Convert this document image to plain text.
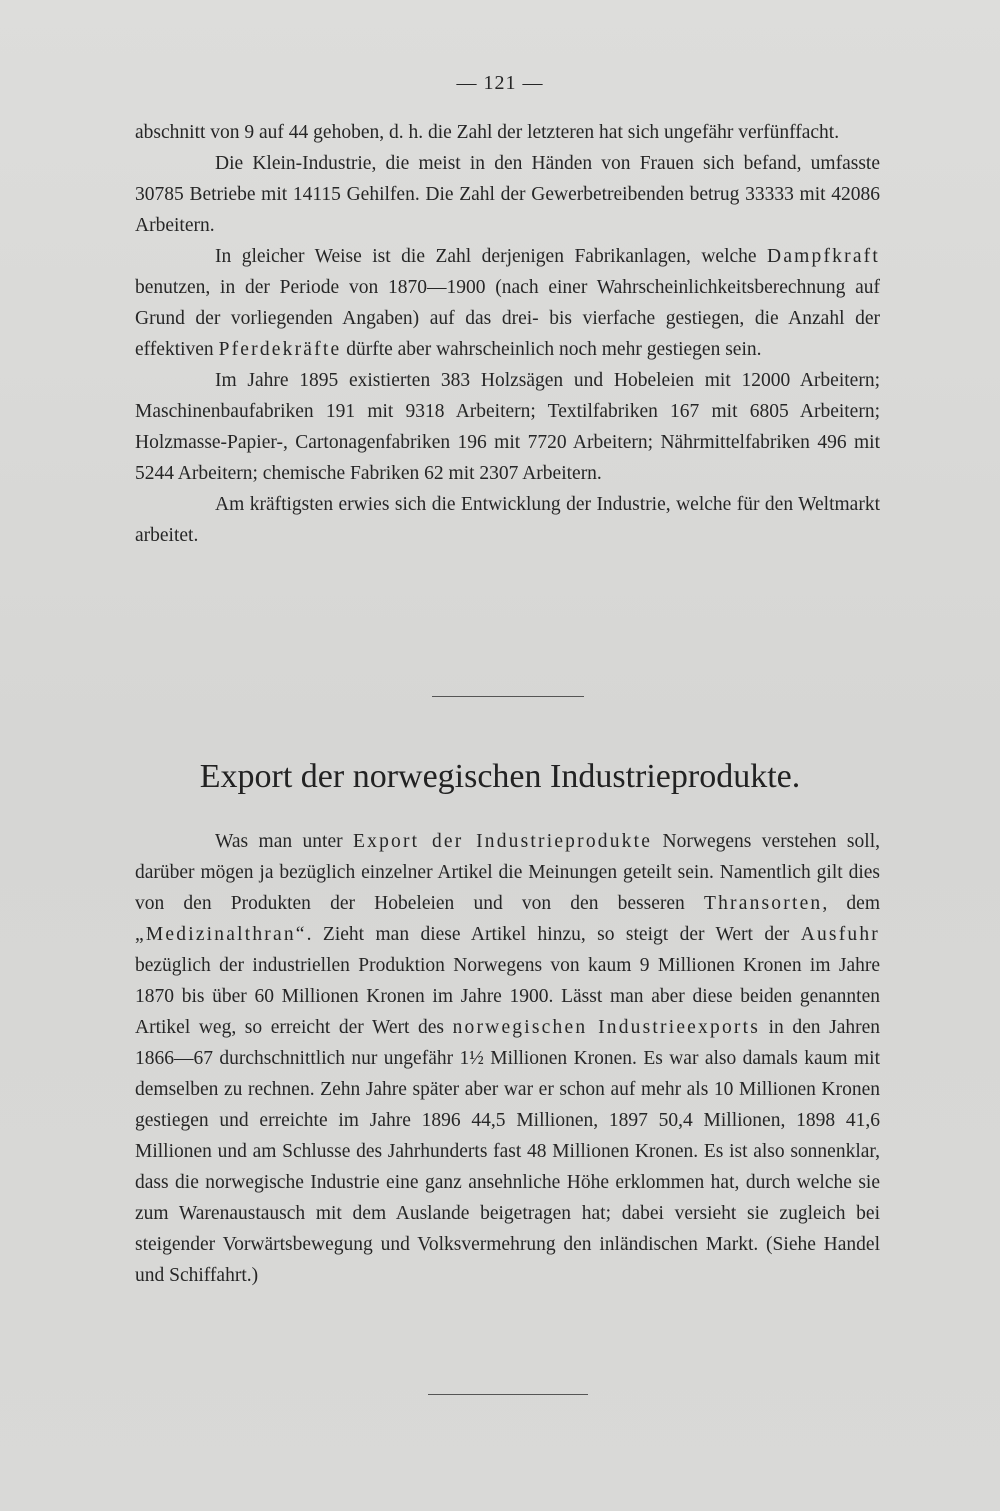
— 121 —

abschnitt von 9 auf 44 gehoben, d. h. die Zahl der letzteren hat sich ungefähr verfünffacht.

Die Klein-Industrie, die meist in den Händen von Frauen sich befand, umfasste 30785 Betriebe mit 14115 Gehilfen. Die Zahl der Gewerbetreibenden betrug 33333 mit 42086 Arbeitern.

In gleicher Weise ist die Zahl derjenigen Fabrikanlagen, welche Dampfkraft benutzen, in der Periode von 1870—1900 (nach einer Wahrscheinlichkeitsberechnung auf Grund der vorliegenden Angaben) auf das drei- bis vierfache gestiegen, die Anzahl der effektiven Pferdekräfte dürfte aber wahrscheinlich noch mehr gestiegen sein.

Im Jahre 1895 existierten 383 Holzsägen und Hobeleien mit 12000 Arbeitern; Maschinenbaufabriken 191 mit 9318 Arbeitern; Textilfabriken 167 mit 6805 Arbeitern; Holzmasse-Papier-, Cartonagenfabriken 196 mit 7720 Arbeitern; Nährmittelfabriken 496 mit 5244 Arbeitern; chemische Fabriken 62 mit 2307 Arbeitern.

Am kräftigsten erwies sich die Entwicklung der Industrie, welche für den Weltmarkt arbeitet.

Export der norwegischen Industrieprodukte.

Was man unter Export der Industrieprodukte Norwegens verstehen soll, darüber mögen ja bezüglich einzelner Artikel die Meinungen geteilt sein. Namentlich gilt dies von den Produkten der Hobeleien und von den besseren Thransorten, dem „Medizinalthran“. Zieht man diese Artikel hinzu, so steigt der Wert der Ausfuhr bezüglich der industriellen Produktion Norwegens von kaum 9 Millionen Kronen im Jahre 1870 bis über 60 Millionen Kronen im Jahre 1900. Lässt man aber diese beiden genannten Artikel weg, so erreicht der Wert des norwegischen Industrieexports in den Jahren 1866—67 durchschnittlich nur ungefähr 1½ Millionen Kronen. Es war also damals kaum mit demselben zu rechnen. Zehn Jahre später aber war er schon auf mehr als 10 Millionen Kronen gestiegen und erreichte im Jahre 1896 44,5 Millionen, 1897 50,4 Millionen, 1898 41,6 Millionen und am Schlusse des Jahrhunderts fast 48 Millionen Kronen. Es ist also sonnenklar, dass die norwegische Industrie eine ganz ansehnliche Höhe erklommen hat, durch welche sie zum Warenaustausch mit dem Auslande beigetragen hat; dabei versieht sie zugleich bei steigender Vorwärtsbewegung und Volksvermehrung den inländischen Markt. (Siehe Handel und Schiffahrt.)
